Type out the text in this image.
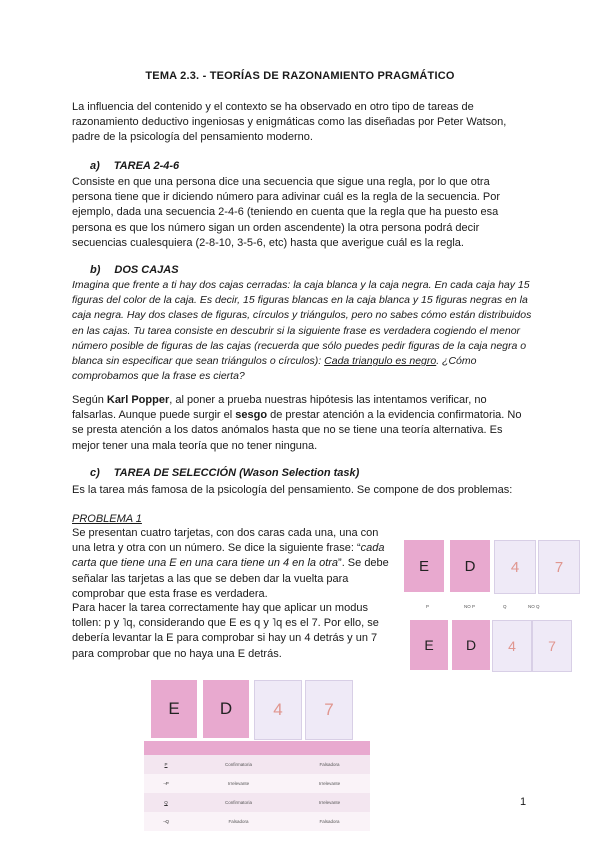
TEMA 2.3. - TEORÍAS DE RAZONAMIENTO PRAGMÁTICO
La influencia del contenido y el contexto se ha observado en otro tipo de tareas de razonamiento deductivo ingeniosas y enigmáticas como las diseñadas por Peter Watson, padre de la psicología del pensamiento moderno.
a) TAREA 2-4-6
Consiste en que una persona dice una secuencia que sigue una regla, por lo que otra persona tiene que ir diciendo número para adivinar cuál es la regla de la secuencia. Por ejemplo, dada una secuencia 2-4-6 (teniendo en cuenta que la regla que ha puesto esa persona es que los número sigan un orden ascendente) la otra persona podrá decir secuencias cualesquiera (2-8-10, 3-5-6, etc) hasta que averigue cuál es la regla.
b) DOS CAJAS
Imagina que frente a ti hay dos cajas cerradas: la caja blanca y la caja negra. En cada caja hay 15 figuras del color de la caja. Es decir, 15 figuras blancas en la caja blanca y 15 figuras negras en la caja negra. Hay dos clases de figuras, círculos y triángulos, pero no sabes cómo están distribuidos en las cajas. Tu tarea consiste en descubrir si la siguiente frase es verdadera cogiendo el menor número posible de figuras de las cajas (recuerda que sólo puedes pedir figuras de la caja negra o blanca sin especificar que sean triángulos o círculos): Cada triangulo es negro. ¿Cómo comprobamos que la frase es cierta?
Según Karl Popper, al poner a prueba nuestras hipótesis las intentamos verificar, no falsarlas. Aunque puede surgir el sesgo de prestar atención a la evidencia confirmatoria. No se presta atención a los datos anómalos hasta que no se tiene una teoría alternativa. Es mejor tener una mala teoría que no tener ninguna.
c) TAREA DE SELECCIÓN (Wason Selection task)
Es la tarea más famosa de la psicología del pensamiento. Se compone de dos problemas:
PROBLEMA 1
Se presentan cuatro tarjetas, con dos caras cada una, una con una letra y otra con un número. Se dice la siguiente frase: “cada carta que tiene una E en una cara tiene un 4 en la otra”. Se debe señalar las tarjetas a las que se deben dar la vuelta para comprobar que esta frase es verdadera.
Para hacer la tarea correctamente hay que aplicar un modus tollen: p y ˥q, considerando que E es q y ˥q es el 7. Por ello, se debería levantar la E para comprobar si hay un 4 detrás y un 7 para comprobar que no haya una E detrás.
E	D	4	7
P	NO P	Q	NO Q
E	D	4	7
E	D	4	7

P	Confirmatoria	Falsadora
¬P	Irrelevante	Irrelevante
Q	Confirmatoria	Irrelevante
¬Q	Falsadora	Falsadora
1
